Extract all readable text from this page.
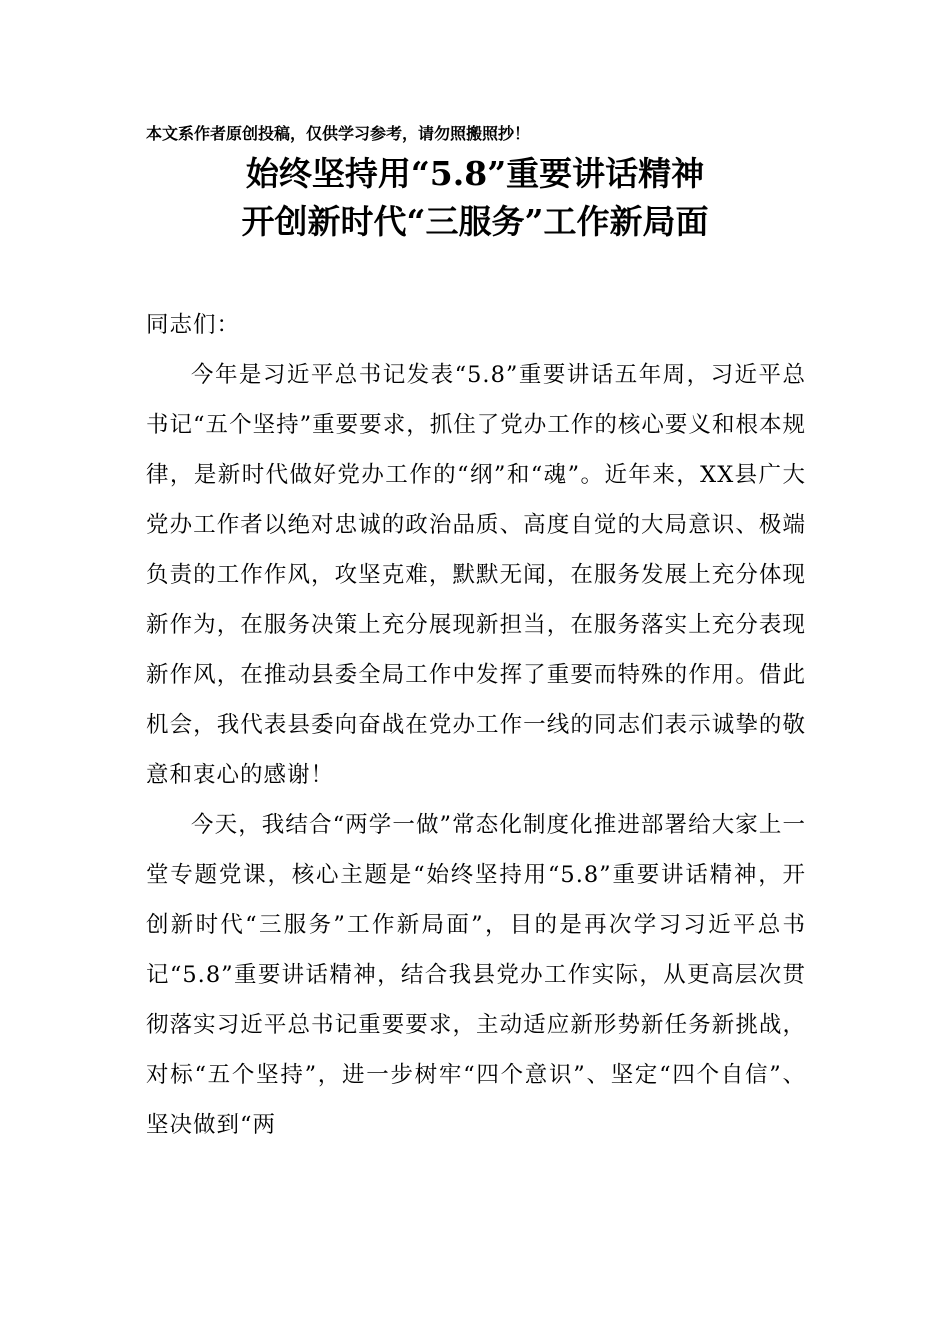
本文系作者原创投稿，仅供学习参考，请勿照搬照抄！
始终坚持用“5.8”重要讲话精神
开创新时代“三服务”工作新局面

同志们：

今年是习近平总书记发表“5.8”重要讲话五年周，习近平总书记“五个坚持”重要要求，抓住了党办工作的核心要义和根本规律，是新时代做好党办工作的“纲”和“魂”。近年来，XX县广大党办工作者以绝对忠诚的政治品质、高度自觉的大局意识、极端负责的工作作风，攻坚克难，默默无闻，在服务发展上充分体现新作为，在服务决策上充分展现新担当，在服务落实上充分表现新作风，在推动县委全局工作中发挥了重要而特殊的作用。借此机会，我代表县委向奋战在党办工作一线的同志们表示诚挚的敬意和衷心的感谢！

今天，我结合“两学一做”常态化制度化推进部署给大家上一堂专题党课，核心主题是“始终坚持用“5.8”重要讲话精神，开创新时代“三服务”工作新局面”，目的是再次学习习近平总书记“5.8”重要讲话精神，结合我县党办工作实际，从更高层次贯彻落实习近平总书记重要要求，主动适应新形势新任务新挑战，对标“五个坚持”，进一步树牢“四个意识”、坚定“四个自信”、坚决做到“两
